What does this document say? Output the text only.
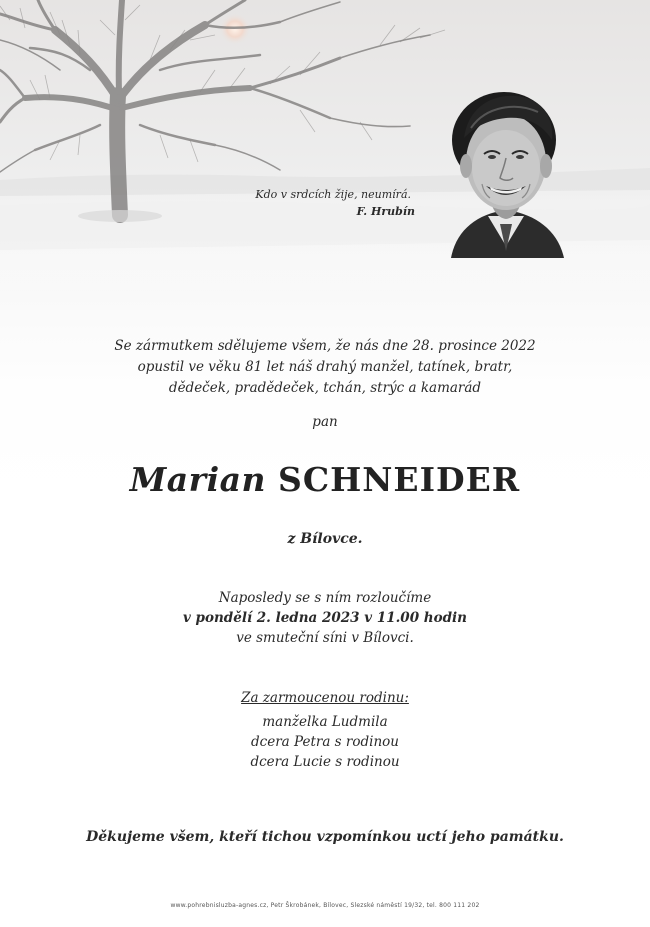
Kdo v srdcích žije, neumírá.
F. Hrubín
Se zármutkem sdělujeme všem, že nás dne 28. prosince 2022
opustil ve věku 81 let náš drahý manžel, tatínek, bratr,
dědeček, pradědeček, tchán, strýc a kamarád
pan
Marian SCHNEIDER
z Bílovce.
Naposledy se s ním rozloučíme
v pondělí 2. ledna 2023 v 11.00 hodin
ve smuteční síni v Bílovci.
Za zarmoucenou rodinu:
manželka Ludmila
dcera Petra s rodinou
dcera Lucie s rodinou
Děkujeme všem, kteří tichou vzpomínkou uctí jeho památku.
www.pohrebnisluzba-agnes.cz, Petr Škrobánek, Bílovec, Slezské náměstí 19/32, tel. 800 111 202
